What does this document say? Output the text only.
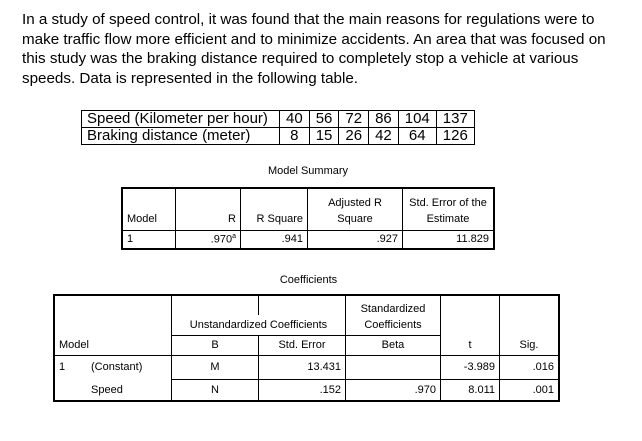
In a study of speed control, it was found that the main reasons for regulations were to make traffic flow more efficient and to minimize accidents. An area that was focused on this study was the braking distance required to completely stop a vehicle at various speeds. Data is represented in the following table.

Speed (Kilometer per hour)	40	56	72	86	104	137
Braking distance (meter)	8	15	26	42	64	126
Model Summary
			Adjusted R	Std. Error of the
Model	R	R Square	Square	Estimate
1	.970$^a$	.941	.927	11.829
Coefficients
				Standardized		
		Unstandardized Coefficients		Coefficients		
Model		B	Std. Error	Beta	t	Sig.
1	(Constant)	M	13.431		-3.989	.016
	Speed	N	.152	.970	8.011	.001
